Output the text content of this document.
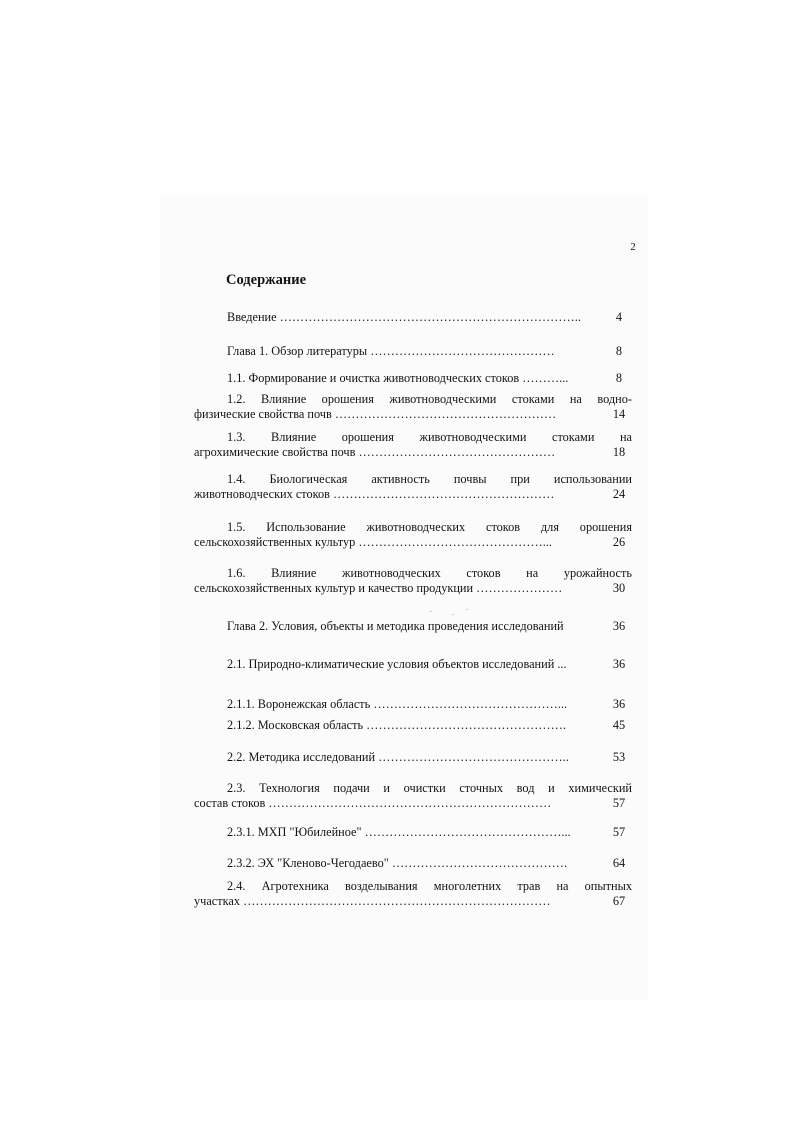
2
Содержание
Введение ………………………………………………………………..	4
Глава 1. Обзор литературы ………………………………………	8
1.1. Формирование и очистка животноводческих стоков ………...	8
1.2. Влияние орошения животноводческими стоками на водно-
физические свойства почв ………………………………………………	14
1.3. Влияние орошения животноводческими стоками на
агрохимические свойства почв …………………………………………	18
1.4. Биологическая активность почвы при использовании
животноводческих стоков ………………………………………………	24
1.5. Использование животноводческих стоков для орошения
сельскохозяйственных культур ………………………………………...	26
1.6. Влияние животноводческих стоков на урожайность
сельскохозяйственных культур и качество продукции …………………	30
Глава 2. Условия, объекты и методика проведения исследований	36
2.1. Природно-климатические условия объектов исследований ...	36
2.1.1. Воронежская область ………………………………………...	36
2.1.2. Московская область ………………………………………….	45
2.2. Методика исследований ………………………………………..	53
2.3. Технология подачи и очистки сточных вод и химический
состав стоков ……………………………………………………………	57
2.3.1. МХП "Юбилейное" …………………………………………...	57
2.3.2. ЭХ "Кленово-Чегодаево" …………………………………….	64
2.4. Агротехника возделывания многолетних трав на опытных
участках …………………………………………………………………	67
